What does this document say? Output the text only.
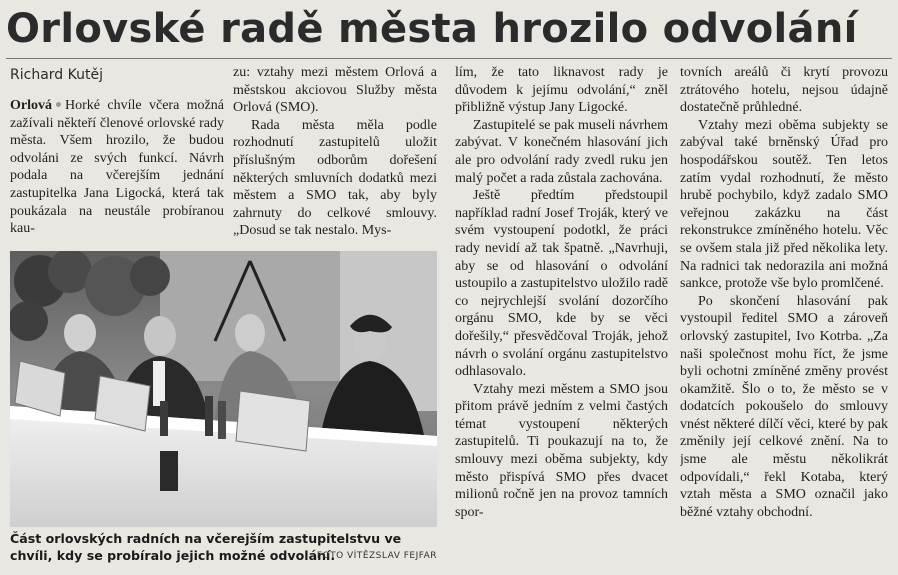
Orlovské radě města hrozilo odvolání
Richard Kutěj

Orlová Horké chvíle včera možná zažívali někteří členové orlovské rady města. Všem hrozilo, že budou odvoláni ze svých funkcí. Návrh podala na včerejším jednání zastupitelka Jana Ligocká, která tak poukázala na neustále probíranou kau-

zu: vztahy mezi městem Orlová a městskou akciovou Služby města Orlová (SMO).

Rada města měla podle rozhodnutí zastupitelů uložit příslušným odborům dořešení některých smluvních dodatků mezi městem a SMO tak, aby byly zahrnuty do celkové smlouvy. „Dosud se tak nestalo. Mys-

lím, že tato liknavost rady je důvodem k jejímu odvolání,“ zněl přibližně výstup Jany Ligocké.

Zastupitelé se pak museli návrhem zabývat. V konečném hlasování jich ale pro odvolání rady zvedl ruku jen malý počet a rada zůstala zachována.

Ještě předtím předstoupil například radní Josef Troják, který ve svém vystoupení podotkl, že práci rady nevidí až tak špatně. „Navrhuji, aby se od hlasování o odvolání ustoupilo a zastupitelstvo uložilo radě co nejrychlejší svolání dozorčího orgánu SMO, kde by se věci dořešily,“ přesvědčoval Troják, jehož návrh o svolání orgánu zastupitelstvo odhlasovalo.

Vztahy mezi městem a SMO jsou přitom právě jedním z velmi častých témat vystoupení některých zastupitelů. Ti poukazují na to, že smlouvy mezi oběma subjekty, kdy město přispívá SMO přes dvacet milionů ročně jen na provoz tamních spor-

tovních areálů či krytí provozu ztrátového hotelu, nejsou údajně dostatečně průhledné.

Vztahy mezi oběma subjekty se zabýval také brněnský Úřad pro hospodářskou soutěž. Ten letos zatím vydal rozhodnutí, že město hrubě pochybilo, když zadalo SMO veřejnou zakázku na část rekonstrukce zmíněného hotelu. Věc se ovšem stala již před několika lety. Na radnici tak nedorazila ani možná sankce, protože vše bylo promlčené.

Po skončení hlasování pak vystoupil ředitel SMO a zároveň orlovský zastupitel, Ivo Kotrba. „Za naši společnost mohu říct, že jsme byli ochotni zmíněné změny provést okamžitě. Šlo o to, že město se v dodatcích pokoušelo do smlouvy vnést některé dílčí věci, které by pak změnily její celkové znění. Na to jsme ale městu několikrát odpovídali,“ řekl Kotaba, který vztah města a SMO označil jako běžné vztahy obchodní.

Část orlovských radních na včerejším zastupitelstvu ve chvíli, kdy se probíralo jejich možné odvolání.
FOTO VÍTĚZSLAV FEJFAR
